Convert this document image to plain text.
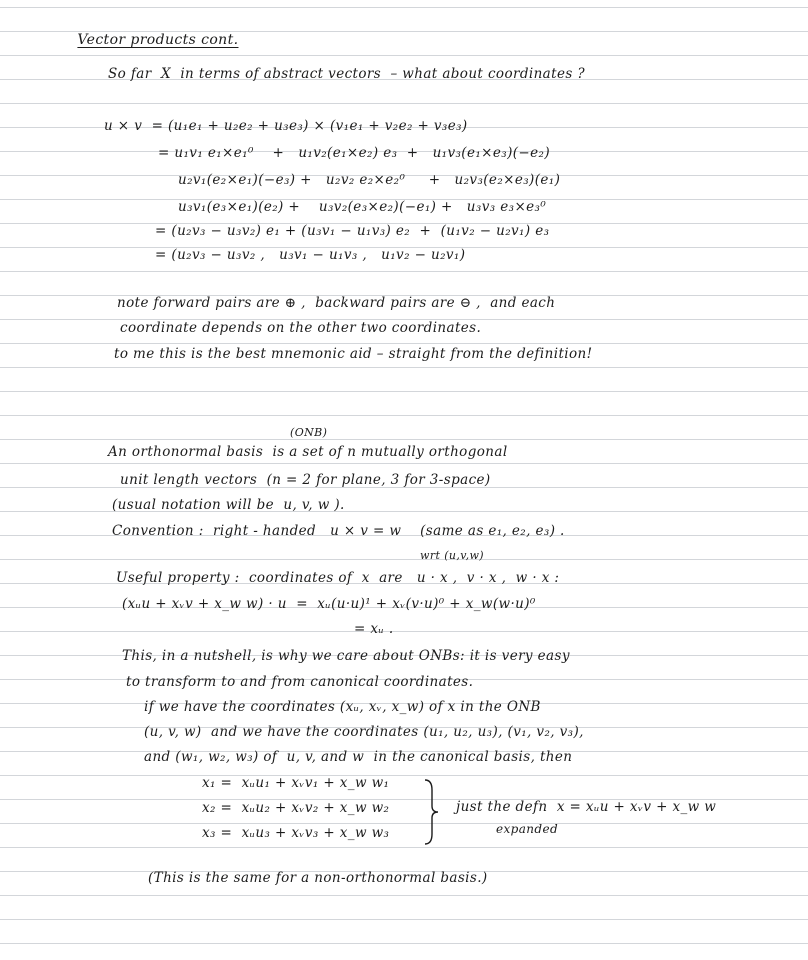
Vector products cont.

So far  X  in terms of abstract vectors  – what about coordinates ?
u × v  = (u₁e₁ + u₂e₂ + u₃e₃) × (v₁e₁ + v₂e₂ + v₃e₃)
= u₁v₁ e₁×e₁⁰    +   u₁v₂(e₁×e₂) e₃  +   u₁v₃(e₁×e₃)(−e₂)
u₂v₁(e₂×e₁)(−e₃) +   u₂v₂ e₂×e₂⁰     +   u₂v₃(e₂×e₃)(e₁)
u₃v₁(e₃×e₁)(e₂) +    u₃v₂(e₃×e₂)(−e₁) +   u₃v₃ e₃×e₃⁰
= (u₂v₃ − u₃v₂) e₁ + (u₃v₁ − u₁v₃) e₂  +  (u₁v₂ − u₂v₁) e₃
= (u₂v₃ − u₃v₂ ,   u₃v₁ − u₁v₃ ,   u₁v₂ − u₂v₁)
note forward pairs are ⊕ ,  backward pairs are ⊖ ,  and each
coordinate depends on the other two coordinates.
to me this is the best mnemonic aid – straight from the definition!

(ONB)
An orthonormal basis  is a set of n mutually orthogonal
unit length vectors  (n = 2 for plane, 3 for 3-space)
(usual notation will be  u, v, w ).
Convention :  right - handed   u × v = w    (same as e₁, e₂, e₃) .
wrt (u,v,w)
Useful property :  coordinates of  x  are   u · x ,  v · x ,  w · x :
(xᵤu + xᵥv + x_w w) · u  =  xᵤ(u·u)¹ + xᵥ(v·u)⁰ + x_w(w·u)⁰
= xᵤ .
This, in a nutshell, is why we care about ONBs: it is very easy
to transform to and from canonical coordinates.
if we have the coordinates (xᵤ, xᵥ, x_w) of x in the ONB
(u, v, w)  and we have the coordinates (u₁, u₂, u₃), (v₁, v₂, v₃),
and (w₁, w₂, w₃) of  u, v, and w  in the canonical basis, then
x₁ =  xᵤu₁ + xᵥv₁ + x_w w₁
x₂ =  xᵤu₂ + xᵥv₂ + x_w w₂
x₃ =  xᵤu₃ + xᵥv₃ + x_w w₃
just the defn  x = xᵤu + xᵥv + x_w w
expanded
(This is the same for a non-orthonormal basis.)
